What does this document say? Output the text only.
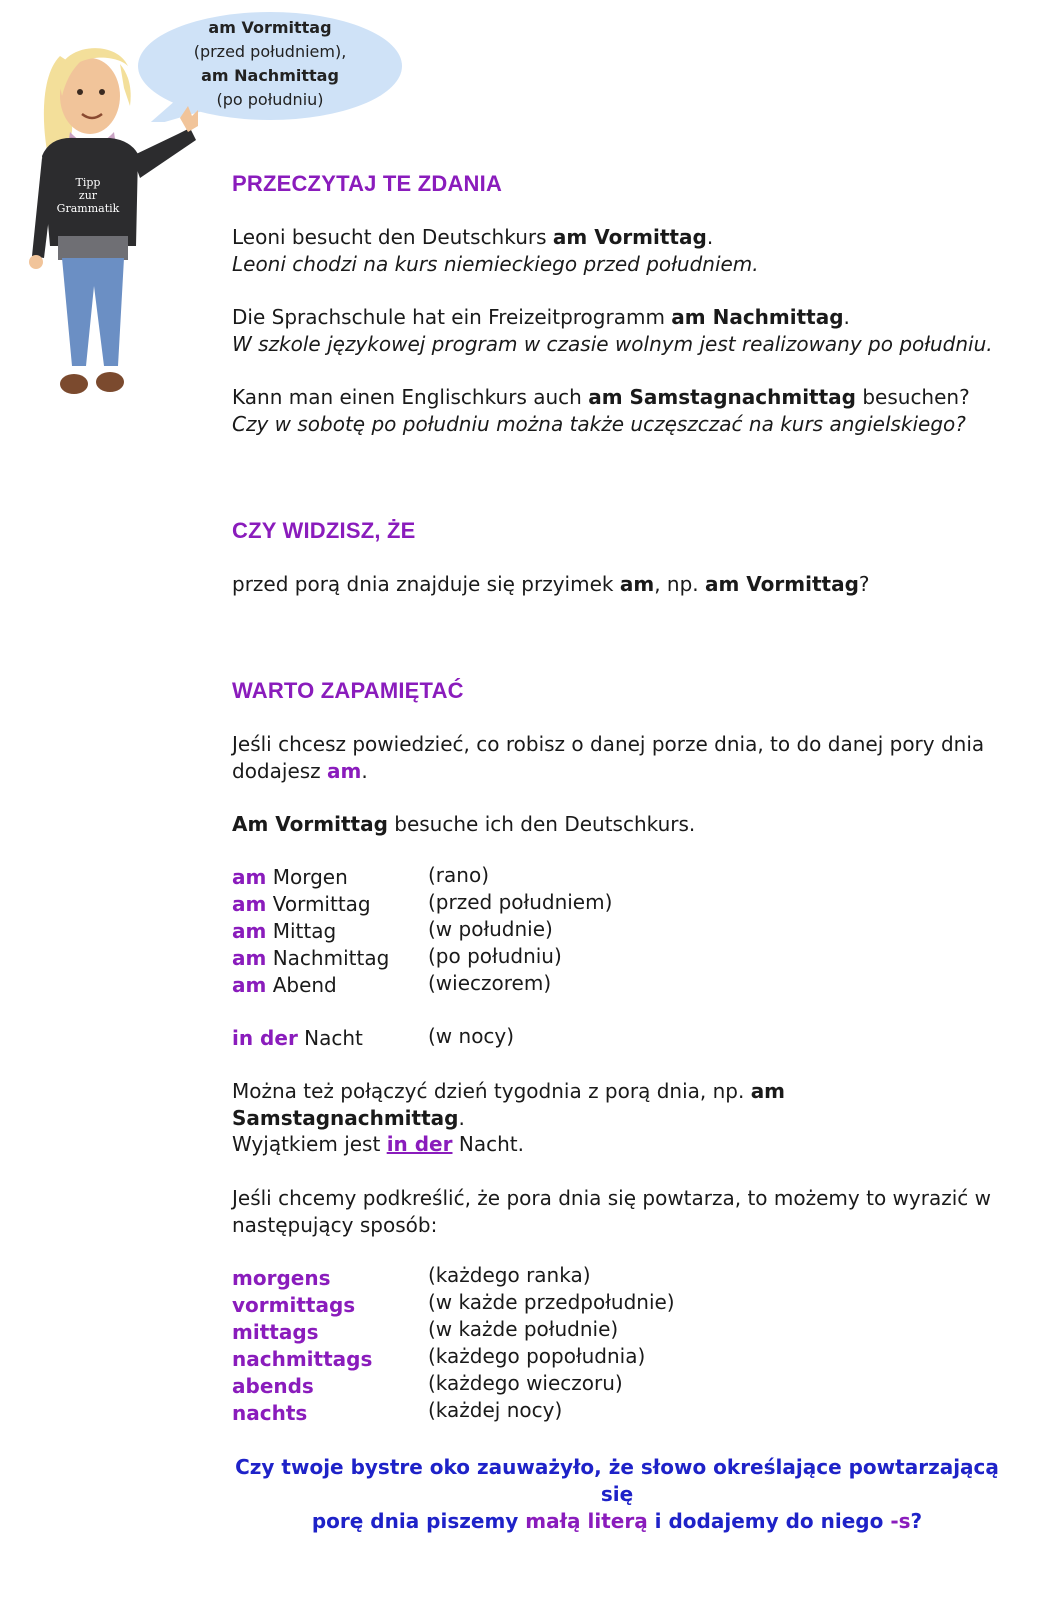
am Vormittag
(przed południem),
am Nachmittag
(po południu)
Tipp
zur
Grammatik
PRZECZYTAJ TE ZDANIA
Leoni besucht den Deutschkurs am Vormittag.
Leoni chodzi na kurs niemieckiego przed południem.
Die Sprachschule hat ein Freizeitprogramm am Nachmittag.
W szkole językowej program w czasie wolnym jest realizowany po południu.
Kann man einen Englischkurs auch am Samstagnachmittag besuchen?
Czy w sobotę po południu można także uczęszczać na kurs angielskiego?
CZY WIDZISZ, ŻE
przed porą dnia znajduje się przyimek am, np. am Vormittag?
WARTO ZAPAMIĘTAĆ
Jeśli chcesz powiedzieć, co robisz o danej porze dnia, to do danej pory dnia
dodajesz am.
Am Vormittag besuche ich den Deutschkurs.
am Morgen	(rano)
am Vormittag	(przed południem)
am Mittag	(w południe)
am Nachmittag (po południu)
am Abend	(wieczorem)
in der Nacht	(w nocy)
Można też połączyć dzień tygodnia z porą dnia, np. am Samstagnachmittag.
Wyjątkiem jest in der Nacht.
Jeśli chcemy podkreślić, że pora dnia się powtarza, to możemy to wyrazić w
następujący sposób:
morgens	(każdego ranka)
vormittags	(w każde przedpołudnie)
mittags	(w każde południe)
nachmittags	(każdego popołudnia)
abends	(każdego wieczoru)
nachts	(każdej nocy)
Czy twoje bystre oko zauważyło, że słowo określające powtarzającą się
porę dnia piszemy małą literą i dodajemy do niego -s?
